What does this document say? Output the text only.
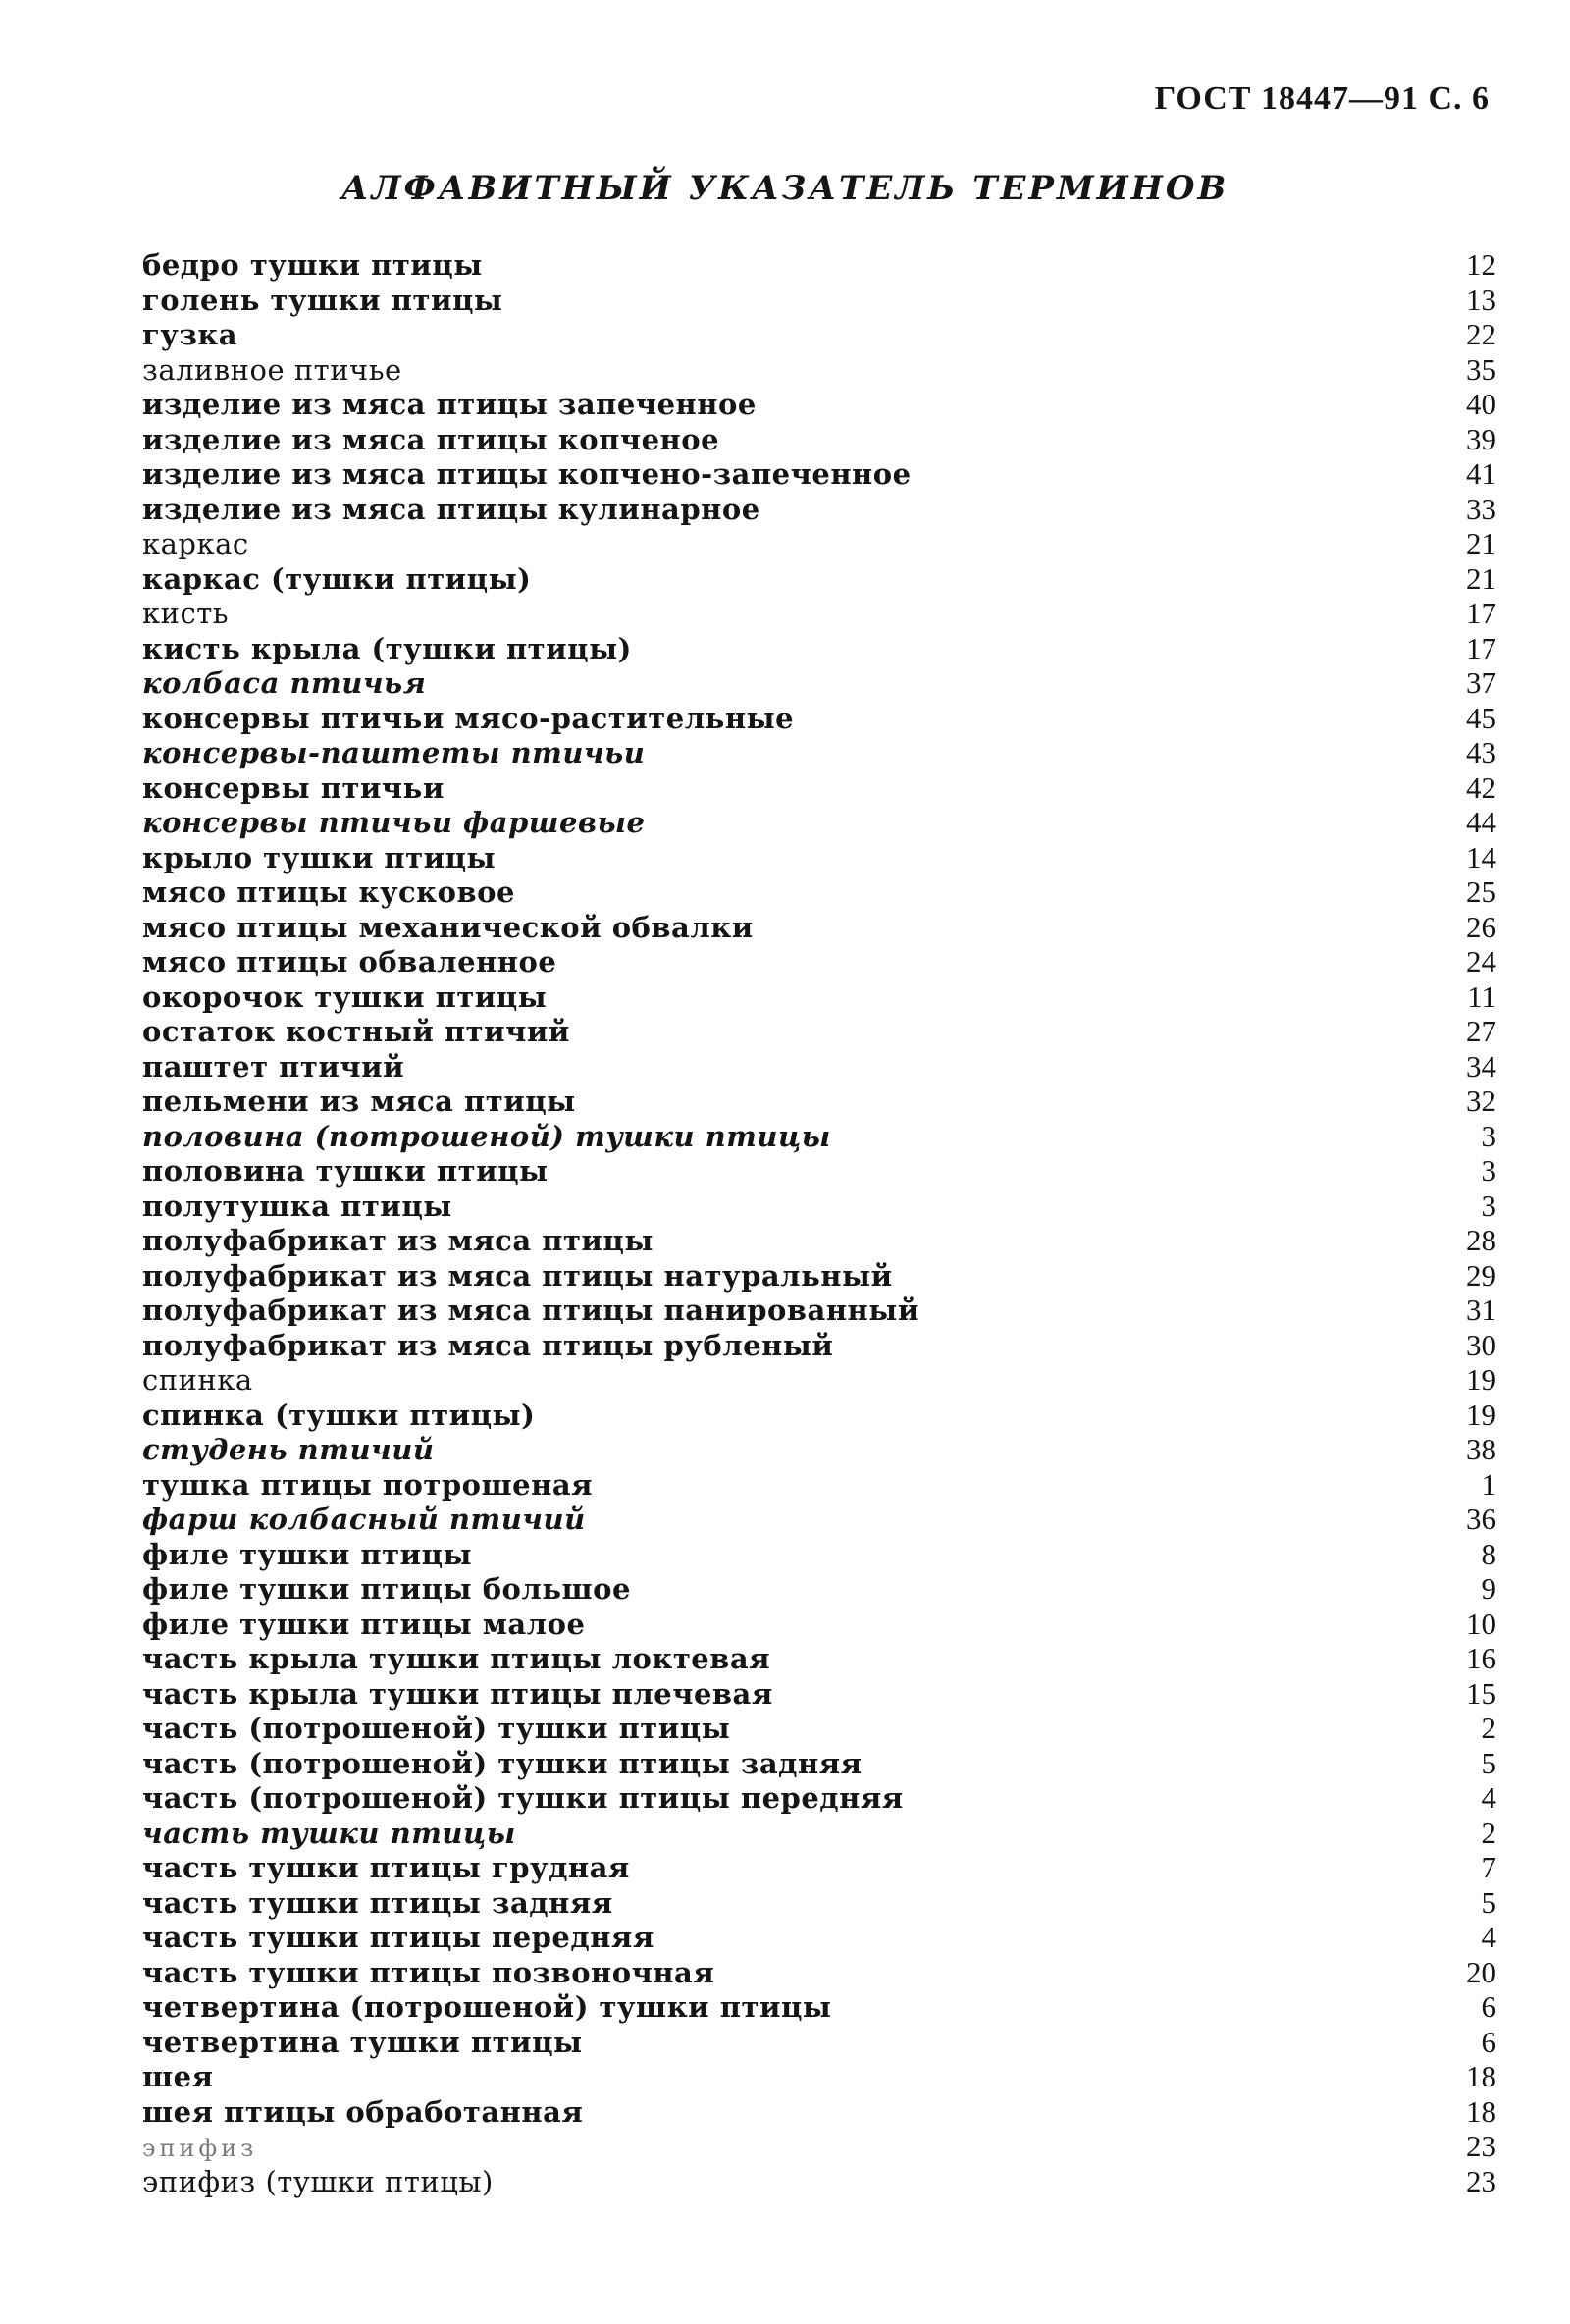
ГОСТ 18447—91 С. 6
АЛФАВИТНЫЙ УКАЗАТЕЛЬ ТЕРМИНОВ
бедро тушки птицы	12
голень тушки птицы	13
гузка	22
заливное птичье	35
изделие из мяса птицы запеченное	40
изделие из мяса птицы копченое	39
изделие из мяса птицы копчено-запеченное	41
изделие из мяса птицы кулинарное	33
каркас	21
каркас (тушки птицы)	21
кисть	17
кисть крыла (тушки птицы)	17
колбаса птичья	37
консервы птичьи мясо-растительные	45
консервы-паштеты птичьи	43
консервы птичьи	42
консервы птичьи фаршевые	44
крыло тушки птицы	14
мясо птицы кусковое	25
мясо птицы механической обвалки	26
мясо птицы обваленное	24
окорочок тушки птицы	11
остаток костный птичий	27
паштет птичий	34
пельмени из мяса птицы	32
половина (потрошеной) тушки птицы	3
половина тушки птицы	3
полутушка птицы	3
полуфабрикат из мяса птицы	28
полуфабрикат из мяса птицы натуральный	29
полуфабрикат из мяса птицы панированный	31
полуфабрикат из мяса птицы рубленый	30
спинка	19
спинка (тушки птицы)	19
студень птичий	38
тушка птицы потрошеная	1
фарш колбасный птичий	36
филе тушки птицы	8
филе тушки птицы большое	9
филе тушки птицы малое	10
часть крыла тушки птицы локтевая	16
часть крыла тушки птицы плечевая	15
часть (потрошеной) тушки птицы	2
часть (потрошеной) тушки птицы задняя	5
часть (потрошеной) тушки птицы передняя	4
часть тушки птицы	2
часть тушки птицы грудная	7
часть тушки птицы задняя	5
часть тушки птицы передняя	4
часть тушки птицы позвоночная	20
четвертина (потрошеной) тушки птицы	6
четвертина тушки птицы	6
шея	18
шея птицы обработанная	18
эпифиз	23
эпифиз (тушки птицы)	23
